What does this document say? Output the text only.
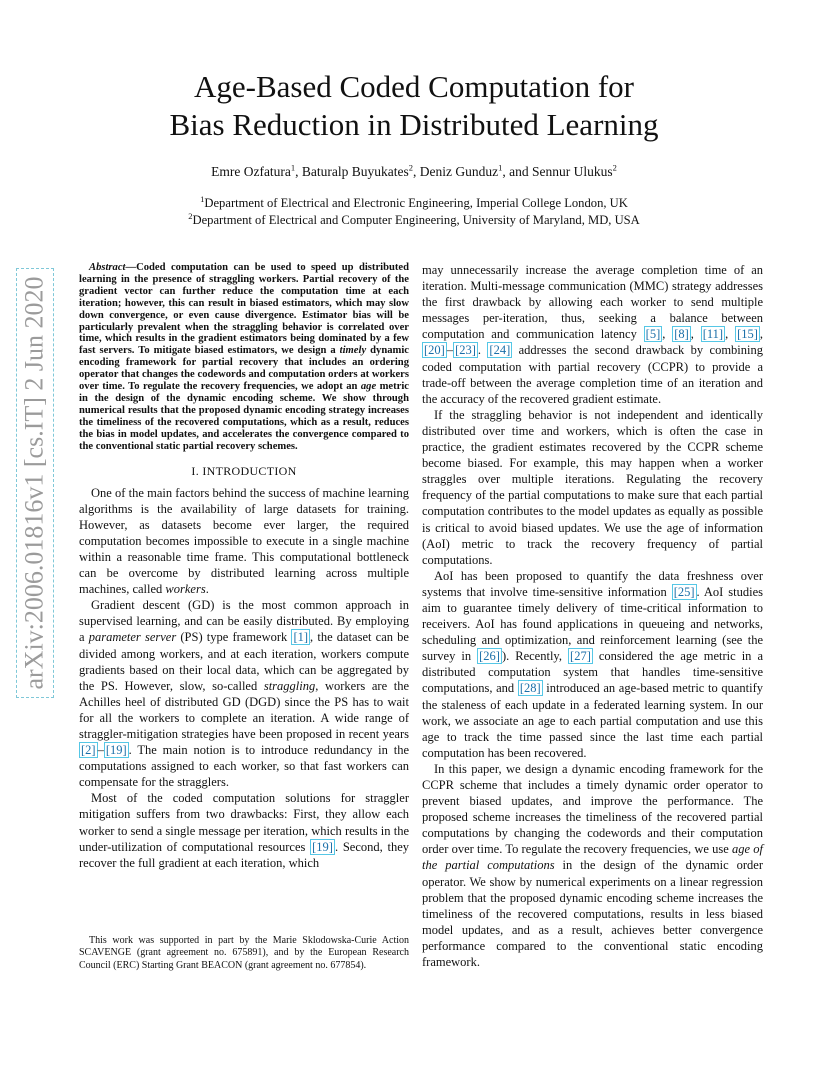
Age-Based Coded Computation for
Bias Reduction in Distributed Learning
Emre Ozfatura$^1$, Baturalp Buyukates$^2$, Deniz Gunduz$^1$, and Sennur Ulukus$^2$
$^1$Department of Electrical and Electronic Engineering, Imperial College London, UK
$^2$Department of Electrical and Computer Engineering, University of Maryland, MD, USA
arXiv:2006.01816v1 [cs.IT] 2 Jun 2020

Abstract—Coded computation can be used to speed up distributed learning in the presence of straggling workers. Partial recovery of the gradient vector can further reduce the computation time at each iteration; however, this can result in biased estimators, which may slow down convergence, or even cause divergence. Estimator bias will be particularly prevalent when the straggling behavior is correlated over time, which results in the gradient estimators being dominated by a few fast servers. To mitigate biased estimators, we design a timely dynamic encoding framework for partial recovery that includes an ordering operator that changes the codewords and computation orders at workers over time. To regulate the recovery frequencies, we adopt an age metric in the design of the dynamic encoding scheme. We show through numerical results that the proposed dynamic encoding strategy increases the timeliness of the recovered computations, which as a result, reduces the bias in model updates, and accelerates the convergence compared to the conventional static partial recovery schemes.

I. INTRODUCTION

One of the main factors behind the success of machine learning algorithms is the availability of large datasets for training. However, as datasets become ever larger, the required computation becomes impossible to execute in a single machine within a reasonable time frame. This computational bottleneck can be overcome by distributed learning across multiple machines, called workers.

Gradient descent (GD) is the most common approach in supervised learning, and can be easily distributed. By employing a parameter server (PS) type framework [1] , the dataset can be divided among workers, and at each iteration, workers compute gradients based on their local data, which can be aggregated by the PS. However, slow, so-called straggling, workers are the Achilles heel of distributed GD (DGD) since the PS has to wait for all the workers to complete an iteration. A wide range of straggler-mitigation strategies have been proposed in recent years [2] – [19] . The main notion is to introduce redundancy in the computations assigned to each worker, so that fast workers can compensate for the stragglers.

Most of the coded computation solutions for straggler mitigation suffers from two drawbacks: First, they allow each worker to send a single message per iteration, which results in the under-utilization of computational resources [19] . Second, they recover the full gradient at each iteration, which

may unnecessarily increase the average completion time of an iteration. Multi-message communication (MMC) strategy addresses the first drawback by allowing each worker to send multiple messages per-iteration, thus, seeking a balance between computation and communication latency [5] , [8] , [11] , [15] , [20] – [23] . [24] addresses the second drawback by combining coded computation with partial recovery (CCPR) to provide a trade-off between the average completion time of an iteration and the accuracy of the recovered gradient estimate.

If the straggling behavior is not independent and identically distributed over time and workers, which is often the case in practice, the gradient estimates recovered by the CCPR scheme become biased. For example, this may happen when a worker straggles over multiple iterations. Regulating the recovery frequency of the partial computations to make sure that each partial computation contributes to the model updates as equally as possible is critical to avoid biased updates. We use the age of information (AoI) metric to track the recovery frequency of partial computations.

AoI has been proposed to quantify the data freshness over systems that involve time-sensitive information [25] . AoI studies aim to guarantee timely delivery of time-critical information to receivers. AoI has found applications in queueing and networks, scheduling and optimization, and reinforcement learning (see the survey in [26] ). Recently, [27] considered the age metric in a distributed computation system that handles time-sensitive computations, and [28] introduced an age-based metric to quantify the staleness of each update in a federated learning system. In our work, we associate an age to each partial computation and use this age to track the time passed since the last time each partial computation has been recovered.

In this paper, we design a dynamic encoding framework for the CCPR scheme that includes a timely dynamic order operator to prevent biased updates, and improve the performance. The proposed scheme increases the timeliness of the recovered partial computations by changing the codewords and their computation order over time. To regulate the recovery frequencies, we use age of the partial computations in the design of the dynamic order operator. We show by numerical experiments on a linear regression problem that the proposed dynamic encoding scheme increases the timeliness of the recovered computations, results in less biased model updates, and as a result, achieves better convergence performance compared to the conventional static encoding framework.

This work was supported in part by the Marie Sklodowska-Curie Action SCAVENGE (grant agreement no. 675891), and by the European Research Council (ERC) Starting Grant BEACON (grant agreement no. 677854).
